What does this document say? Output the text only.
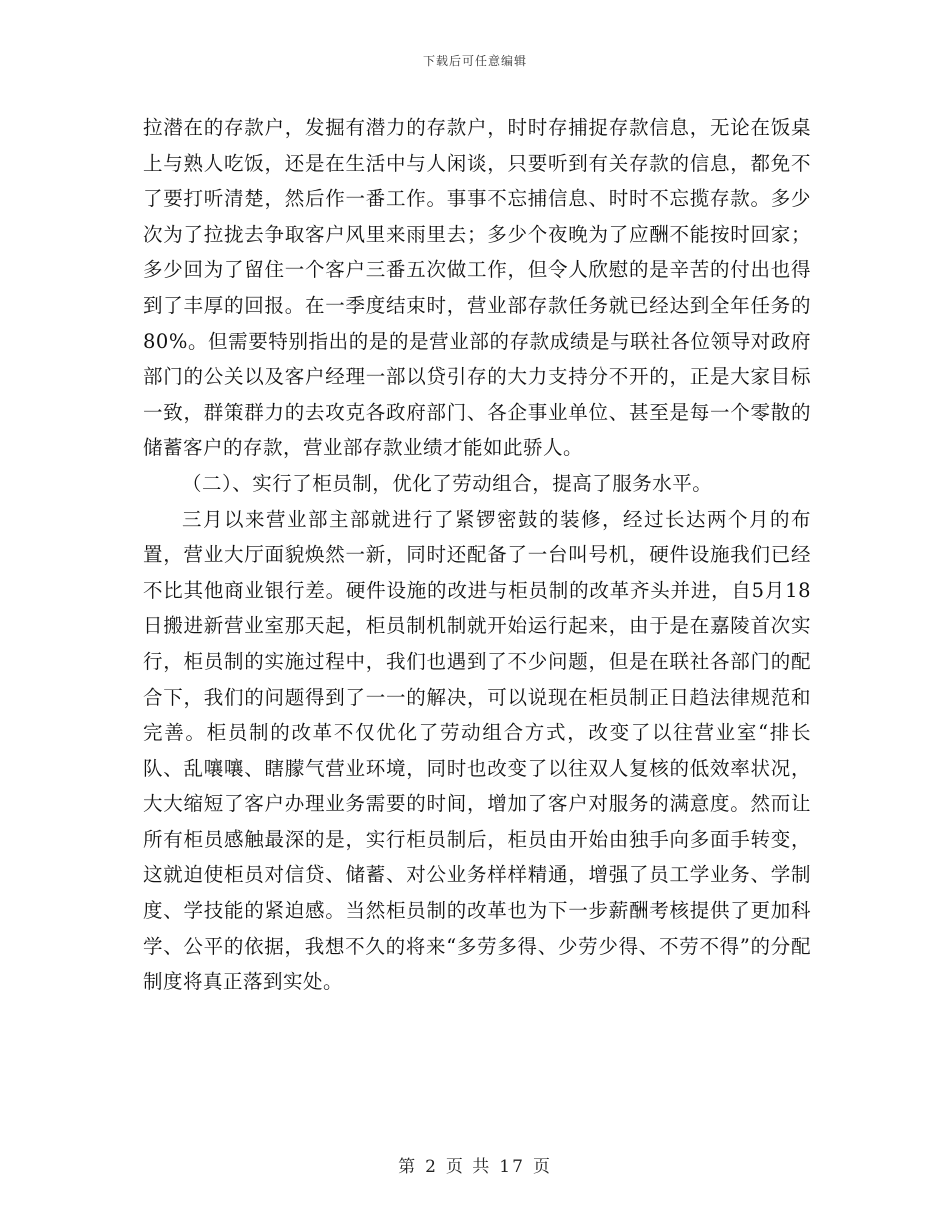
下载后可任意编辑

拉潜在的存款户，发掘有潜力的存款户，时时存捕捉存款信息，无论在饭桌上与熟人吃饭，还是在生活中与人闲谈，只要听到有关存款的信息，都免不了要打听清楚，然后作一番工作。事事不忘捕信息、时时不忘揽存款。多少次为了拉拢去争取客户风里来雨里去；多少个夜晚为了应酬不能按时回家；多少回为了留住一个客户三番五次做工作，但令人欣慰的是辛苦的付出也得到了丰厚的回报。在一季度结束时，营业部存款任务就已经达到全年任务的80%。但需要特别指出的是的是营业部的存款成绩是与联社各位领导对政府部门的公关以及客户经理一部以贷引存的大力支持分不开的，正是大家目标一致，群策群力的去攻克各政府部门、各企事业单位、甚至是每一个零散的储蓄客户的存款，营业部存款业绩才能如此骄人。

（二）、实行了柜员制，优化了劳动组合，提高了服务水平。

三月以来营业部主部就进行了紧锣密鼓的装修，经过长达两个月的布置，营业大厅面貌焕然一新，同时还配备了一台叫号机，硬件设施我们已经不比其他商业银行差。硬件设施的改进与柜员制的改革齐头并进，自5月18日搬进新营业室那天起，柜员制机制就开始运行起来，由于是在嘉陵首次实行，柜员制的实施过程中，我们也遇到了不少问题，但是在联社各部门的配合下，我们的问题得到了一一的解决，可以说现在柜员制正日趋法律规范和完善。柜员制的改革不仅优化了劳动组合方式，改变了以往营业室“排长队、乱嚷嚷、瞎朦气营业环境，同时也改变了以往双人复核的低效率状况，大大缩短了客户办理业务需要的时间，增加了客户对服务的满意度。然而让所有柜员感触最深的是，实行柜员制后，柜员由开始由独手向多面手转变，这就迫使柜员对信贷、储蓄、对公业务样样精通，增强了员工学业务、学制度、学技能的紧迫感。当然柜员制的改革也为下一步薪酬考核提供了更加科学、公平的依据，我想不久的将来“多劳多得、少劳少得、不劳不得”的分配制度将真正落到实处。

第 2 页 共 17 页
